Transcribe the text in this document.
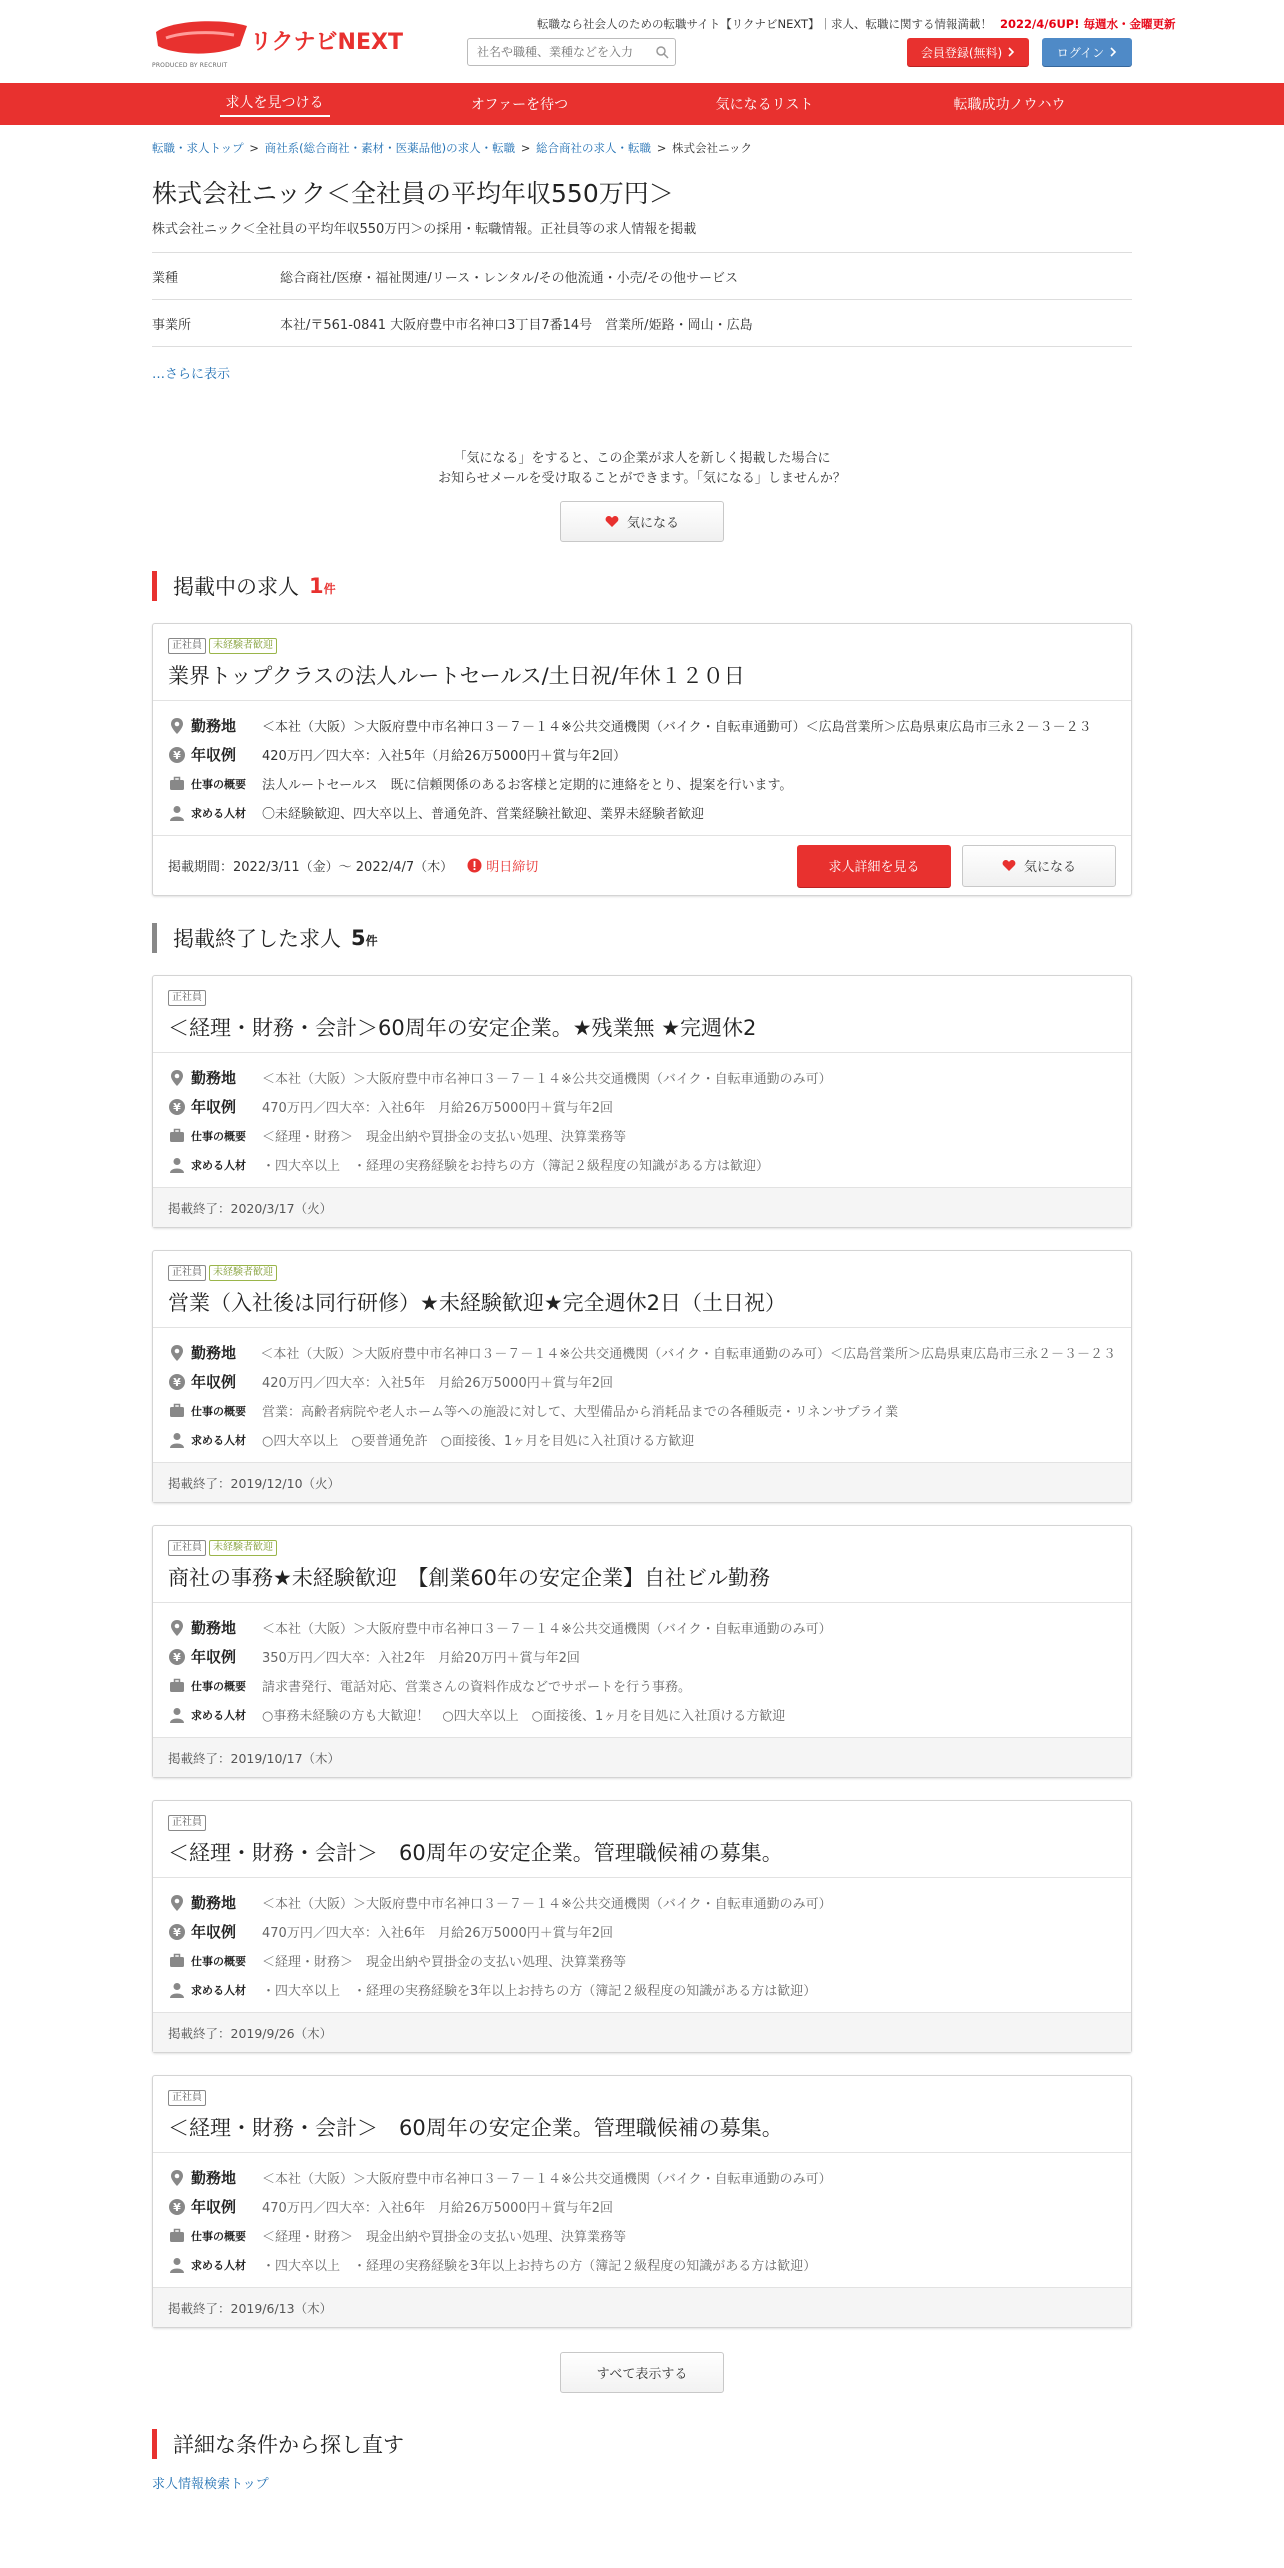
リクナビNEXT
PRODUCED BY RECRUIT
転職なら社会人のための転職サイト【リクナビNEXT】｜求人、転職に関する情報満載！ 2022/4/6UP! 毎週水・金曜更新
社名や職種、業種などを入力
会員登録(無料)	ログイン
求人を見つける	オファーを待つ	気になるリスト	転職成功ノウハウ
転職・求人トップ > 商社系(総合商社・素材・医薬品他)の求人・転職 > 総合商社の求人・転職 > 株式会社ニック
株式会社ニック＜全社員の平均年収550万円＞

株式会社ニック＜全社員の平均年収550万円＞の採用・転職情報。正社員等の求人情報を掲載

業種	総合商社/医療・福祉関連/リース・レンタル/その他流通・小売/その他サービス
事業所	本社/〒561-0841 大阪府豊中市名神口3丁目7番14号　営業所/姫路・岡山・広島
…さらに表示
「気になる」をすると、この企業が求人を新しく掲載した場合に
お知らせメールを受け取ることができます。「気になる」しませんか？
気になる
掲載中の求人 1件
正社員	未経験者歓迎
業界トップクラスの法人ルートセールス/土日祝/年休１２０日
勤務地 ＜本社（大阪）＞大阪府豊中市名神口３－７－１４※公共交通機関（バイク・自転車通勤可）＜広島営業所＞広島県東広島市三永２－３－２３
¥ 年収例 420万円／四大卒：入社5年（月給26万5000円＋賞与年2回）
仕事の概要 法人ルートセールス　既に信頼関係のあるお客様と定期的に連絡をとり、提案を行います。
求める人材 〇未経験歓迎、四大卒以上、普通免許、営業経験社歓迎、業界未経験者歓迎
掲載期間：2022/3/11（金）～ 2022/4/7（木）	明日締切	求人詳細を見る	気になる
掲載終了した求人 5件
正社員
＜経理・財務・会計＞60周年の安定企業。★残業無 ★完週休2
勤務地 ＜本社（大阪）＞大阪府豊中市名神口３－７－１４※公共交通機関（バイク・自転車通勤のみ可）
¥ 年収例 470万円／四大卒：入社6年　月給26万5000円＋賞与年2回
仕事の概要 ＜経理・財務＞　現金出納や買掛金の支払い処理、決算業務等
求める人材 ・四大卒以上　・経理の実務経験をお持ちの方（簿記２級程度の知識がある方は歓迎）
掲載終了：2020/3/17（火）
正社員	未経験者歓迎
営業（入社後は同行研修）★未経験歓迎★完全週休2日（土日祝）
勤務地 ＜本社（大阪）＞大阪府豊中市名神口３－７－１４※公共交通機関（バイク・自転車通勤のみ可）＜広島営業所＞広島県東広島市三永２－３－２３
¥ 年収例 420万円／四大卒：入社5年　月給26万5000円＋賞与年2回
仕事の概要 営業：高齢者病院や老人ホーム等への施設に対して、大型備品から消耗品までの各種販売・リネンサプライ業
求める人材 ○四大卒以上　○要普通免許　○面接後、1ヶ月を目処に入社頂ける方歓迎
掲載終了：2019/12/10（火）
正社員	未経験者歓迎
商社の事務★未経験歓迎　【創業60年の安定企業】自社ビル勤務
勤務地 ＜本社（大阪）＞大阪府豊中市名神口３－７－１４※公共交通機関（バイク・自転車通勤のみ可）
¥ 年収例 350万円／四大卒：入社2年　月給20万円＋賞与年2回
仕事の概要 請求書発行、電話対応、営業さんの資料作成などでサポートを行う事務。
求める人材 ○事務未経験の方も大歓迎！　○四大卒以上　○面接後、1ヶ月を目処に入社頂ける方歓迎
掲載終了：2019/10/17（木）
正社員
＜経理・財務・会計＞　60周年の安定企業。管理職候補の募集。
勤務地 ＜本社（大阪）＞大阪府豊中市名神口３－７－１４※公共交通機関（バイク・自転車通勤のみ可）
¥ 年収例 470万円／四大卒：入社6年　月給26万5000円＋賞与年2回
仕事の概要 ＜経理・財務＞　現金出納や買掛金の支払い処理、決算業務等
求める人材 ・四大卒以上　・経理の実務経験を3年以上お持ちの方（簿記２級程度の知識がある方は歓迎）
掲載終了：2019/9/26（木）
正社員
＜経理・財務・会計＞　60周年の安定企業。管理職候補の募集。
勤務地 ＜本社（大阪）＞大阪府豊中市名神口３－７－１４※公共交通機関（バイク・自転車通勤のみ可）
¥ 年収例 470万円／四大卒：入社6年　月給26万5000円＋賞与年2回
仕事の概要 ＜経理・財務＞　現金出納や買掛金の支払い処理、決算業務等
求める人材 ・四大卒以上　・経理の実務経験を3年以上お持ちの方（簿記２級程度の知識がある方は歓迎）
掲載終了：2019/6/13（木）
すべて表示する
詳細な条件から探し直す
求人情報検索トップ
